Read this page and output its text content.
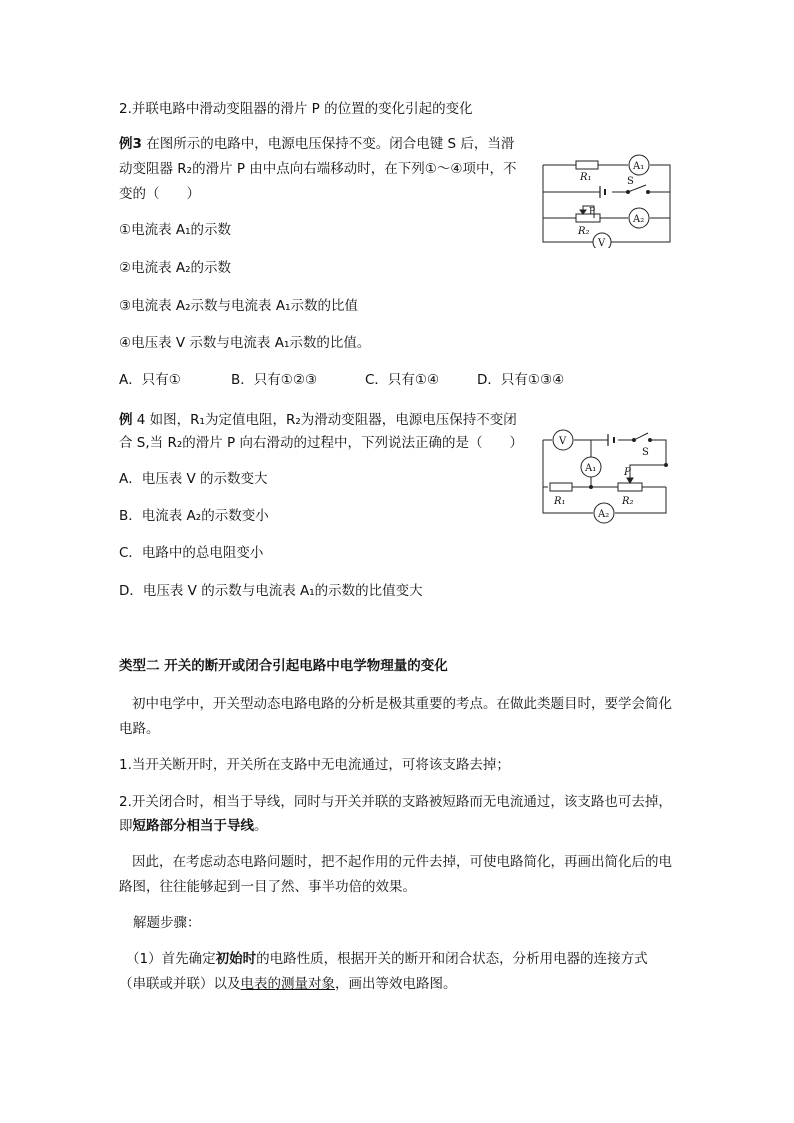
2.并联电路中滑动变阻器的滑片 P 的位置的变化引起的变化
例3 在图所示的电路中，电源电压保持不变。闭合电键 S 后，当滑
动变阻器 R₂的滑片 P 由中点向右端移动时，在下列①～④项中，不
变的（　　）
①电流表 A₁的示数
②电流表 A₂的示数
③电流表 A₂示数与电流表 A₁示数的比值
④电压表 V 示数与电流表 A₁示数的比值。
A．只有①	B．只有①②③	C．只有①④	D．只有①③④
R₁
A₁
S
P
R₂
A₂
V
例 4 如图，R₁为定值电阻，R₂为滑动变阻器，电源电压保持不变闭
合 S,当 R₂的滑片 P 向右滑动的过程中，下列说法正确的是（　　）
A．电压表 V 的示数变大
B．电流表 A₂的示数变小
C．电路中的总电阻变小
D．电压表 V 的示数与电流表 A₁的示数的比值变大
V
S
A₁	P
R₁	R₂
A₂
类型二 开关的断开或闭合引起电路中电学物理量的变化
初中电学中，开关型动态电路电路的分析是极其重要的考点。在做此类题目时，要学会简化电路。
1.当开关断开时，开关所在支路中无电流通过，可将该支路去掉；
2.开关闭合时，相当于导线，同时与开关并联的支路被短路而无电流通过，该支路也可去掉，
即短路部分相当于导线。
因此，在考虑动态电路问题时，把不起作用的元件去掉，可使电路简化，再画出简化后的电路图，往往能够起到一目了然、事半功倍的效果。
解题步骤：
（1）首先确定初始时的电路性质，根据开关的断开和闭合状态，分析用电器的连接方式
（串联或并联）以及电表的测量对象，画出等效电路图。
